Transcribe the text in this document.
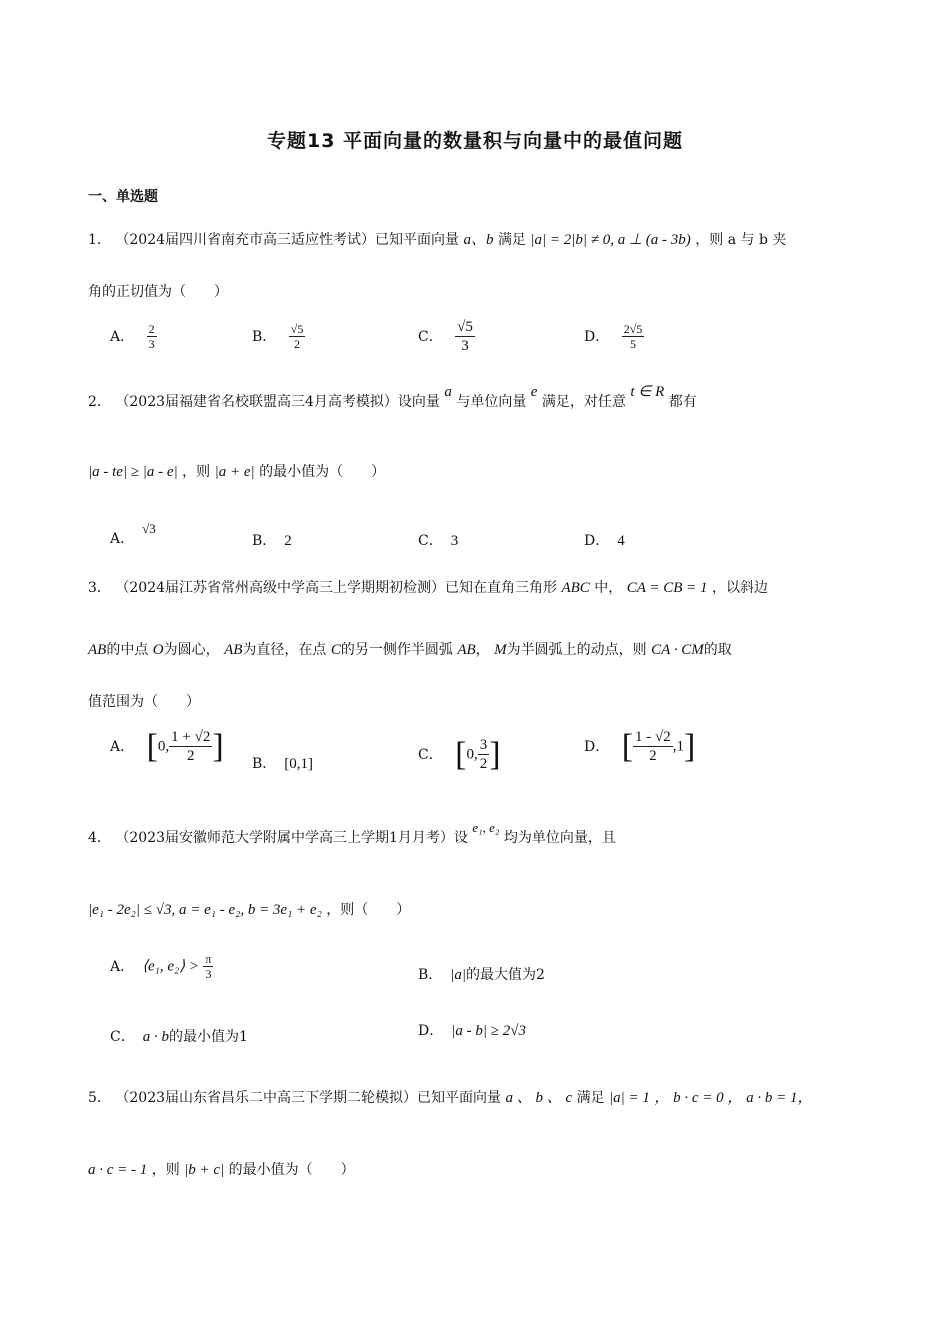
专题13 平面向量的数量积与向量中的最值问题
一、单选题
1． （2024届四川省南充市高三适应性考试）已知平面向量 a、b 满足 |a| = 2|b| ≠ 0, a ⊥ (a - 3b) ，则 a 与 b 夹
角的正切值为（　　）
A． $\frac{2}{3}$	B． $\frac{√5}{2}$	C． $\frac{√5}{3}$	D． $\frac{2√5}{5}$
2． （2023届福建省名校联盟高三4月高考模拟）设向量 a 与单位向量 e 满足，对任意 t ∈ R 都有
|a - te| ≥ |a - e| ，则 |a + e| 的最小值为（　　）
A．√3
B． 2	C． 3	D． 4
3． （2024届江苏省常州高级中学高三上学期期初检测）已知在直角三角形 ABC 中， CA = CB = 1 ，以斜边
AB的中点 O为圆心， AB为直径，在点 C的另一侧作半圆弧 AB， M为半圆弧上的动点，则 CA · CM的取
值范围为（　　）
A． [0, $\frac{1 + √2}{2}$ ] B． [0,1]
C． [0, $\frac{3}{2}$ ]	D． [ $\frac{1 - √2}{2} ,1$]
4． （2023届安徽师范大学附属中学高三上学期1月月考）设 e₁, e₂ 均为单位向量，且
|e₁ - 2e₂| ≤ √3, a = e₁ - e₂, b = 3e₁ + e₂ ，则（　　）
A． ⟨e₁, e₂⟩ > $\frac{\pi}{3}$	B． |a|的最大值为2
C． a · b的最小值为1	D． |a - b| ≥ 2√3
5． （2023届山东省昌乐二中高三下学期二轮模拟）已知平面向量 a 、 b 、 c 满足 |a| = 1 ， b · c = 0 ， a · b = 1，
a · c = - 1 ，则 |b + c| 的最小值为（　　）
